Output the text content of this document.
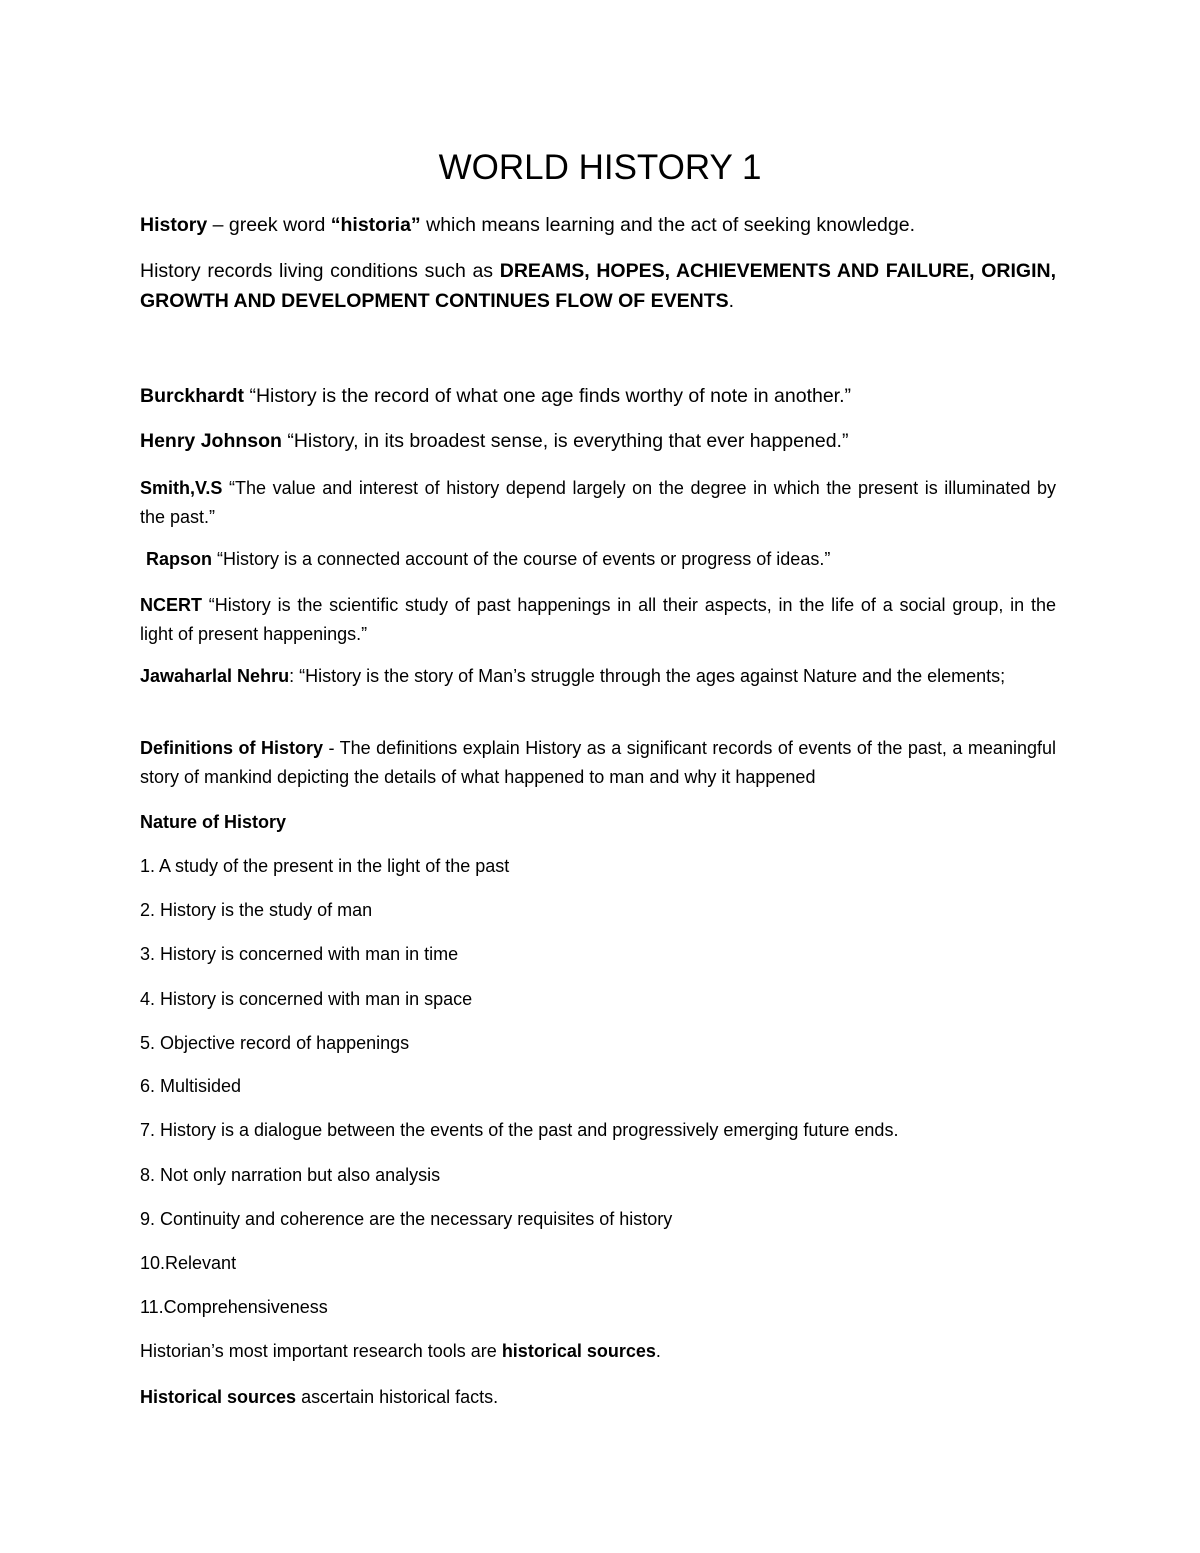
WORLD HISTORY 1

History – greek word “historia” which means learning and the act of seeking knowledge.

History records living conditions such as DREAMS, HOPES, ACHIEVEMENTS AND FAILURE, ORIGIN, GROWTH AND DEVELOPMENT CONTINUES FLOW OF EVENTS.

Burckhardt “History is the record of what one age finds worthy of note in another.”

Henry Johnson “History, in its broadest sense, is everything that ever happened.”

Smith,V.S “The value and interest of history depend largely on the degree in which the present is illuminated by the past.”

Rapson “History is a connected account of the course of events or progress of ideas.”

NCERT “History is the scientific study of past happenings in all their aspects, in the life of a social group, in the light of present happenings.”

Jawaharlal Nehru: “History is the story of Man’s struggle through the ages against Nature and the elements;

Definitions of History - The definitions explain History as a significant records of events of the past, a meaningful story of mankind depicting the details of what happened to man and why it happened

Nature of History

1. A study of the present in the light of the past

2. History is the study of man

3. History is concerned with man in time

4. History is concerned with man in space

5. Objective record of happenings

6. Multisided

7. History is a dialogue between the events of the past and progressively emerging future ends.

8. Not only narration but also analysis

9. Continuity and coherence are the necessary requisites of history

10.Relevant

11.Comprehensiveness

Historian’s most important research tools are historical sources.

Historical sources ascertain historical facts.
